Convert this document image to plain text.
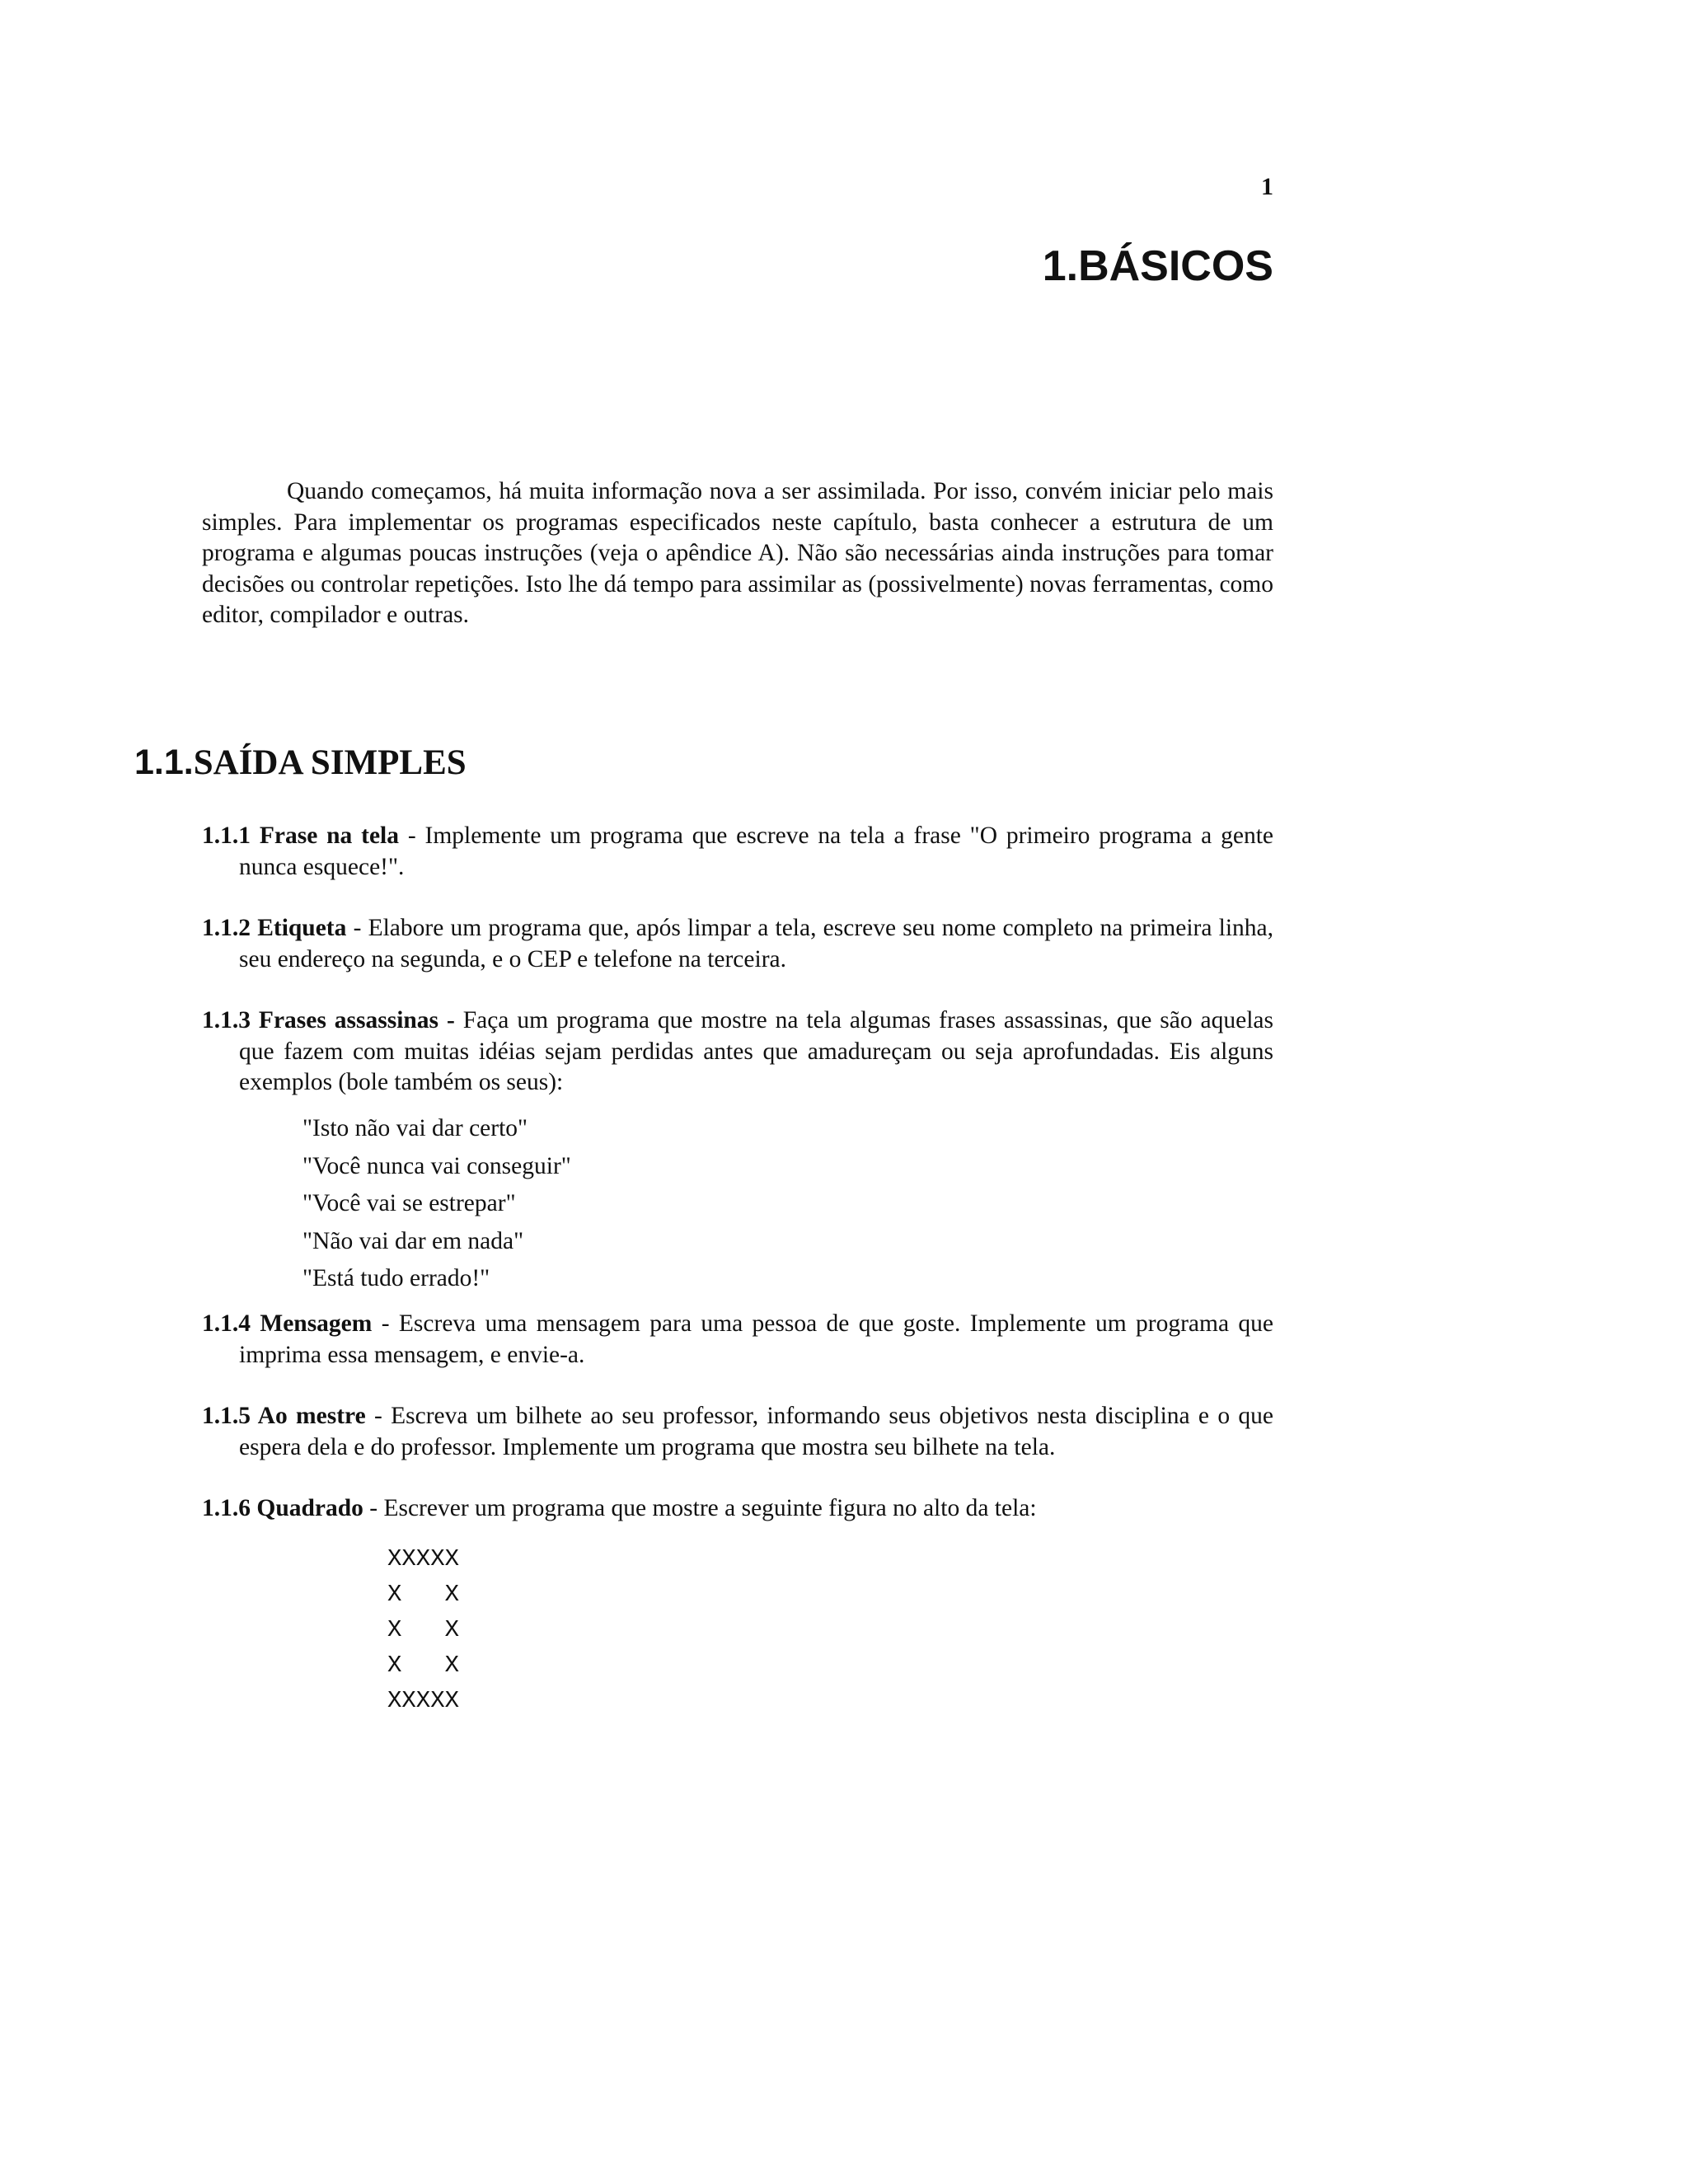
1
1.BÁSICOS

Quando começamos, há muita informação nova a ser assimilada. Por isso, convém iniciar pelo mais simples. Para implementar os programas especificados neste capítulo, basta conhecer a estrutura de um programa e algumas poucas instruções (veja o apêndice A). Não são necessárias ainda instruções para tomar decisões ou controlar repetições. Isto lhe dá tempo para assimilar as (possivelmente) novas ferramentas, como editor, compilador e outras.

1.1.SAÍDA SIMPLES

1.1.1 Frase na tela - Implemente um programa que escreve na tela a frase "O primeiro programa a gente nunca esquece!".

1.1.2 Etiqueta - Elabore um programa que, após limpar a tela, escreve seu nome completo na primeira linha, seu endereço na segunda, e o CEP e telefone na terceira.

1.1.3 Frases assassinas - Faça um programa que mostre na tela algumas frases assassinas, que são aquelas que fazem com muitas idéias sejam perdidas antes que amadureçam ou seja aprofundadas. Eis alguns exemplos (bole também os seus):

"Isto não vai dar certo"
"Você nunca vai conseguir"
"Você vai se estrepar"
"Não vai dar em nada"
"Está tudo errado!"

1.1.4 Mensagem - Escreva uma mensagem para uma pessoa de que goste. Implemente um programa que imprima essa mensagem, e envie-a.

1.1.5 Ao mestre - Escreva um bilhete ao seu professor, informando seus objetivos nesta disciplina e o que espera dela e do professor. Implemente um programa que mostra seu bilhete na tela.

1.1.6 Quadrado - Escrever um programa que mostre a seguinte figura no alto da tela:

XXXXX
X   X
X   X
X   X
XXXXX
